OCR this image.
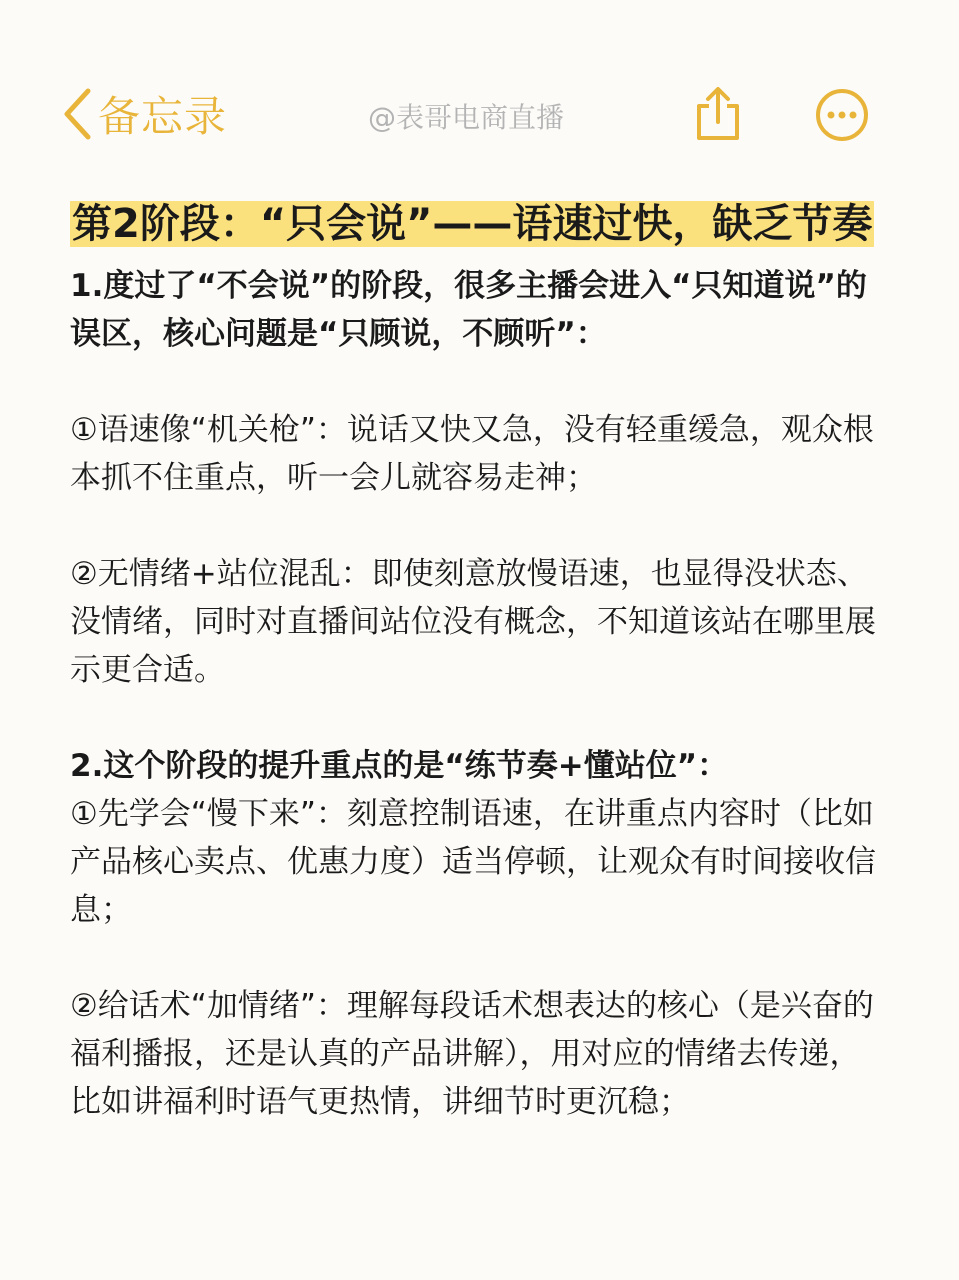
备忘录	@表哥电商直播
第2阶段：“只会说”——语速过快，缺乏节奏

1.度过了“不会说”的阶段，很多主播会进入“只知道说”的误区，核心问题是“只顾说，不顾听”：

①语速像“机关枪”：说话又快又急，没有轻重缓急，观众根本抓不住重点，听一会儿就容易走神；

②无情绪+站位混乱：即使刻意放慢语速，也显得没状态、没情绪，同时对直播间站位没有概念，不知道该站在哪里展示更合适。

2.这个阶段的提升重点的是“练节奏+懂站位”：

①先学会“慢下来”：刻意控制语速，在讲重点内容时（比如产品核心卖点、优惠力度）适当停顿，让观众有时间接收信息；

②给话术“加情绪”：理解每段话术想表达的核心（是兴奋的福利播报，还是认真的产品讲解），用对应的情绪去传递，比如讲福利时语气更热情，讲细节时更沉稳；
